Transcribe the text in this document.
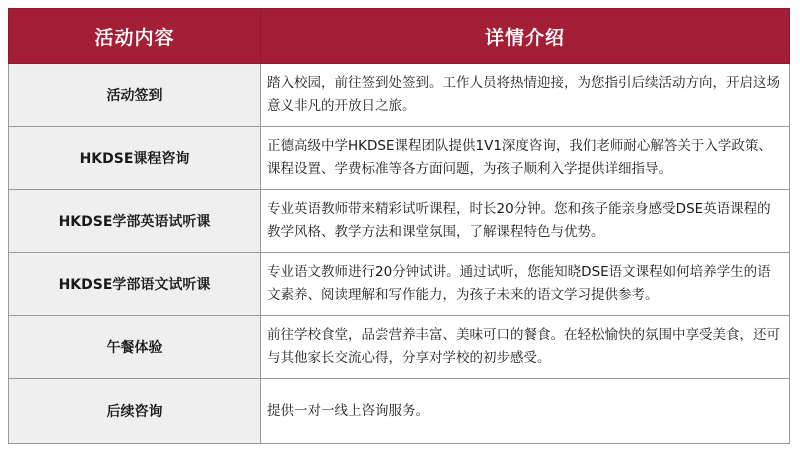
活动内容	详情介绍
活动签到	踏入校园，前往签到处签到。工作人员将热情迎接，为您指引后续活动方向，开启这场意义非凡的开放日之旅。
HKDSE课程咨询	正德高级中学HKDSE课程团队提供1V1深度咨询，我们老师耐心解答关于入学政策、课程设置、学费标准等各方面问题，为孩子顺利入学提供详细指导。
HKDSE学部英语试听课	专业英语教师带来精彩试听课程，时长20分钟。您和孩子能亲身感受DSE英语课程的教学风格、教学方法和课堂氛围，了解课程特色与优势。
HKDSE学部语文试听课	专业语文教师进行20分钟试讲。通过试听，您能知晓DSE语文课程如何培养学生的语文素养、阅读理解和写作能力，为孩子未来的语文学习提供参考。
午餐体验	前往学校食堂，品尝营养丰富、美味可口的餐食。在轻松愉快的氛围中享受美食，还可与其他家长交流心得，分享对学校的初步感受。
后续咨询	提供一对一线上咨询服务。
